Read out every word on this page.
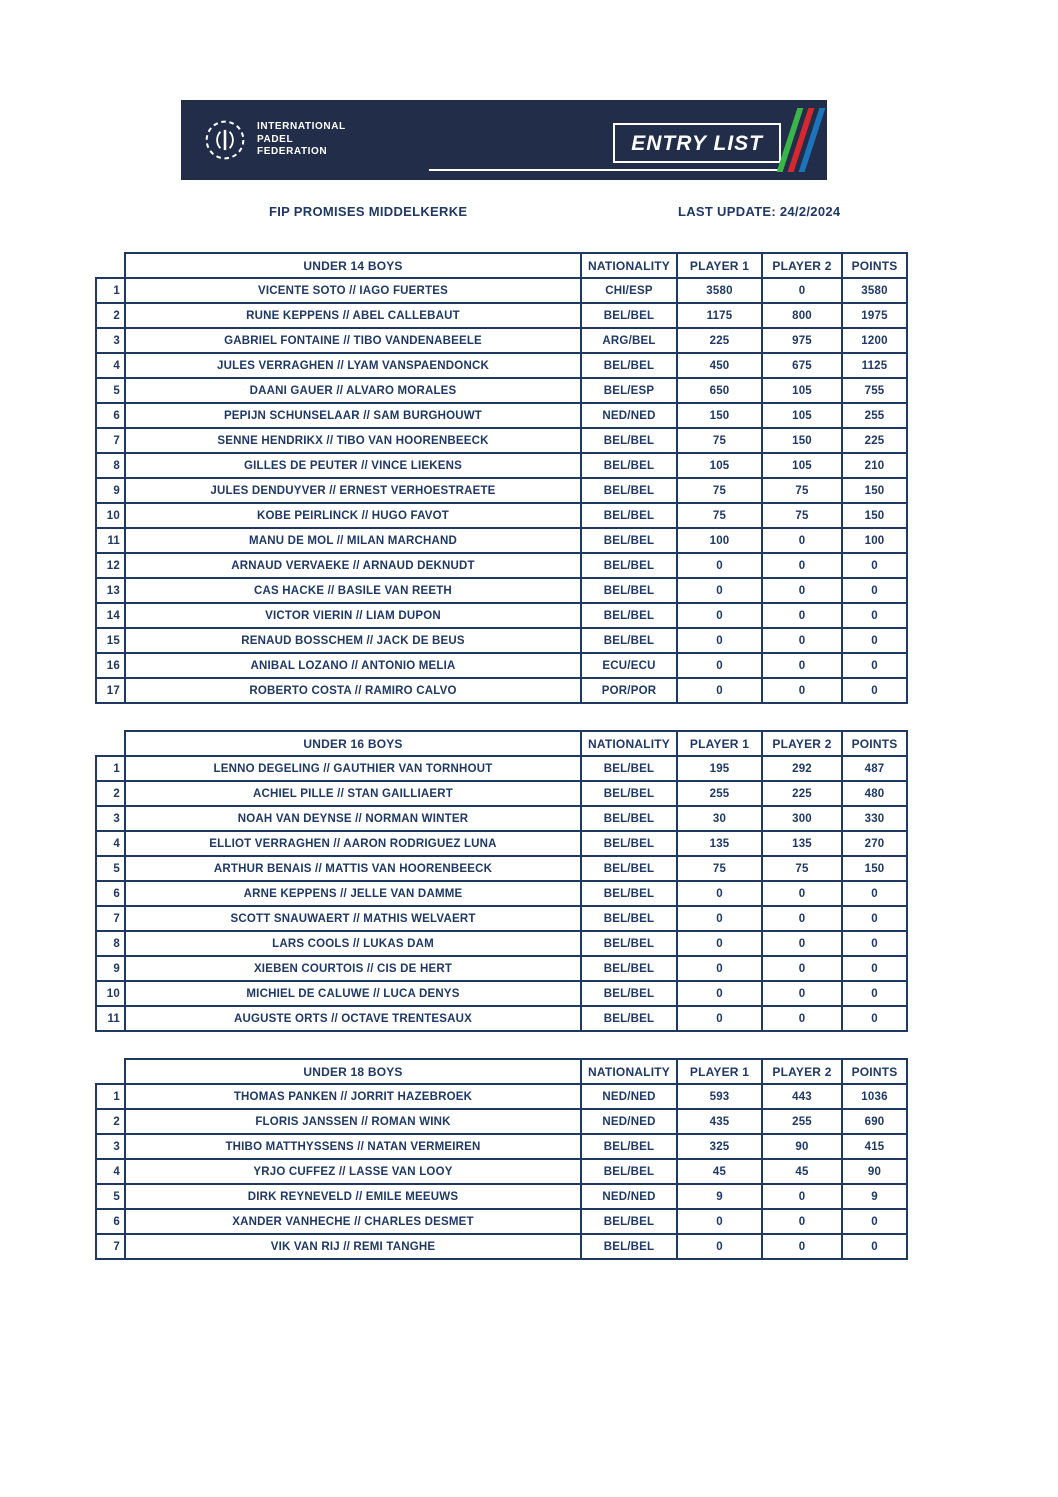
INTERNATIONAL
PADEL
FEDERATION	ENTRY LIST
FIP PROMISES MIDDELKERKE	LAST UPDATE: 24/2/2024
	UNDER 14 BOYS	NATIONALITY	PLAYER 1	PLAYER 2	POINTS
1	VICENTE SOTO // IAGO FUERTES	CHI/ESP	3580	0	3580
2	RUNE KEPPENS // ABEL CALLEBAUT	BEL/BEL	1175	800	1975
3	GABRIEL FONTAINE // TIBO VANDENABEELE	ARG/BEL	225	975	1200
4	JULES VERRAGHEN // LYAM VANSPAENDONCK	BEL/BEL	450	675	1125
5	DAANI GAUER // ALVARO MORALES	BEL/ESP	650	105	755
6	PEPIJN SCHUNSELAAR // SAM BURGHOUWT	NED/NED	150	105	255
7	SENNE HENDRIKX // TIBO VAN HOORENBEECK	BEL/BEL	75	150	225
8	GILLES DE PEUTER // VINCE LIEKENS	BEL/BEL	105	105	210
9	JULES DENDUYVER // ERNEST VERHOESTRAETE	BEL/BEL	75	75	150
10	KOBE PEIRLINCK // HUGO FAVOT	BEL/BEL	75	75	150
11	MANU DE MOL // MILAN MARCHAND	BEL/BEL	100	0	100
12	ARNAUD VERVAEKE // ARNAUD DEKNUDT	BEL/BEL	0	0	0
13	CAS HACKE // BASILE VAN REETH	BEL/BEL	0	0	0
14	VICTOR VIERIN // LIAM DUPON	BEL/BEL	0	0	0
15	RENAUD BOSSCHEM // JACK DE BEUS	BEL/BEL	0	0	0
16	ANIBAL LOZANO // ANTONIO MELIA	ECU/ECU	0	0	0
17	ROBERTO COSTA // RAMIRO CALVO	POR/POR	0	0	0
	UNDER 16 BOYS	NATIONALITY	PLAYER 1	PLAYER 2	POINTS
1	LENNO DEGELING // GAUTHIER VAN TORNHOUT	BEL/BEL	195	292	487
2	ACHIEL PILLE // STAN GAILLIAERT	BEL/BEL	255	225	480
3	NOAH VAN DEYNSE // NORMAN WINTER	BEL/BEL	30	300	330
4	ELLIOT VERRAGHEN // AARON RODRIGUEZ LUNA	BEL/BEL	135	135	270
5	ARTHUR BENAIS // MATTIS VAN HOORENBEECK	BEL/BEL	75	75	150
6	ARNE KEPPENS // JELLE VAN DAMME	BEL/BEL	0	0	0
7	SCOTT SNAUWAERT // MATHIS WELVAERT	BEL/BEL	0	0	0
8	LARS COOLS // LUKAS DAM	BEL/BEL	0	0	0
9	XIEBEN COURTOIS // CIS DE HERT	BEL/BEL	0	0	0
10	MICHIEL DE CALUWE // LUCA DENYS	BEL/BEL	0	0	0
11	AUGUSTE ORTS // OCTAVE TRENTESAUX	BEL/BEL	0	0	0
	UNDER 18 BOYS	NATIONALITY	PLAYER 1	PLAYER 2	POINTS
1	THOMAS PANKEN // JORRIT HAZEBROEK	NED/NED	593	443	1036
2	FLORIS JANSSEN // ROMAN WINK	NED/NED	435	255	690
3	THIBO MATTHYSSENS // NATAN VERMEIREN	BEL/BEL	325	90	415
4	YRJO CUFFEZ // LASSE VAN LOOY	BEL/BEL	45	45	90
5	DIRK REYNEVELD // EMILE MEEUWS	NED/NED	9	0	9
6	XANDER VANHECHE // CHARLES DESMET	BEL/BEL	0	0	0
7	VIK VAN RIJ // REMI TANGHE	BEL/BEL	0	0	0
